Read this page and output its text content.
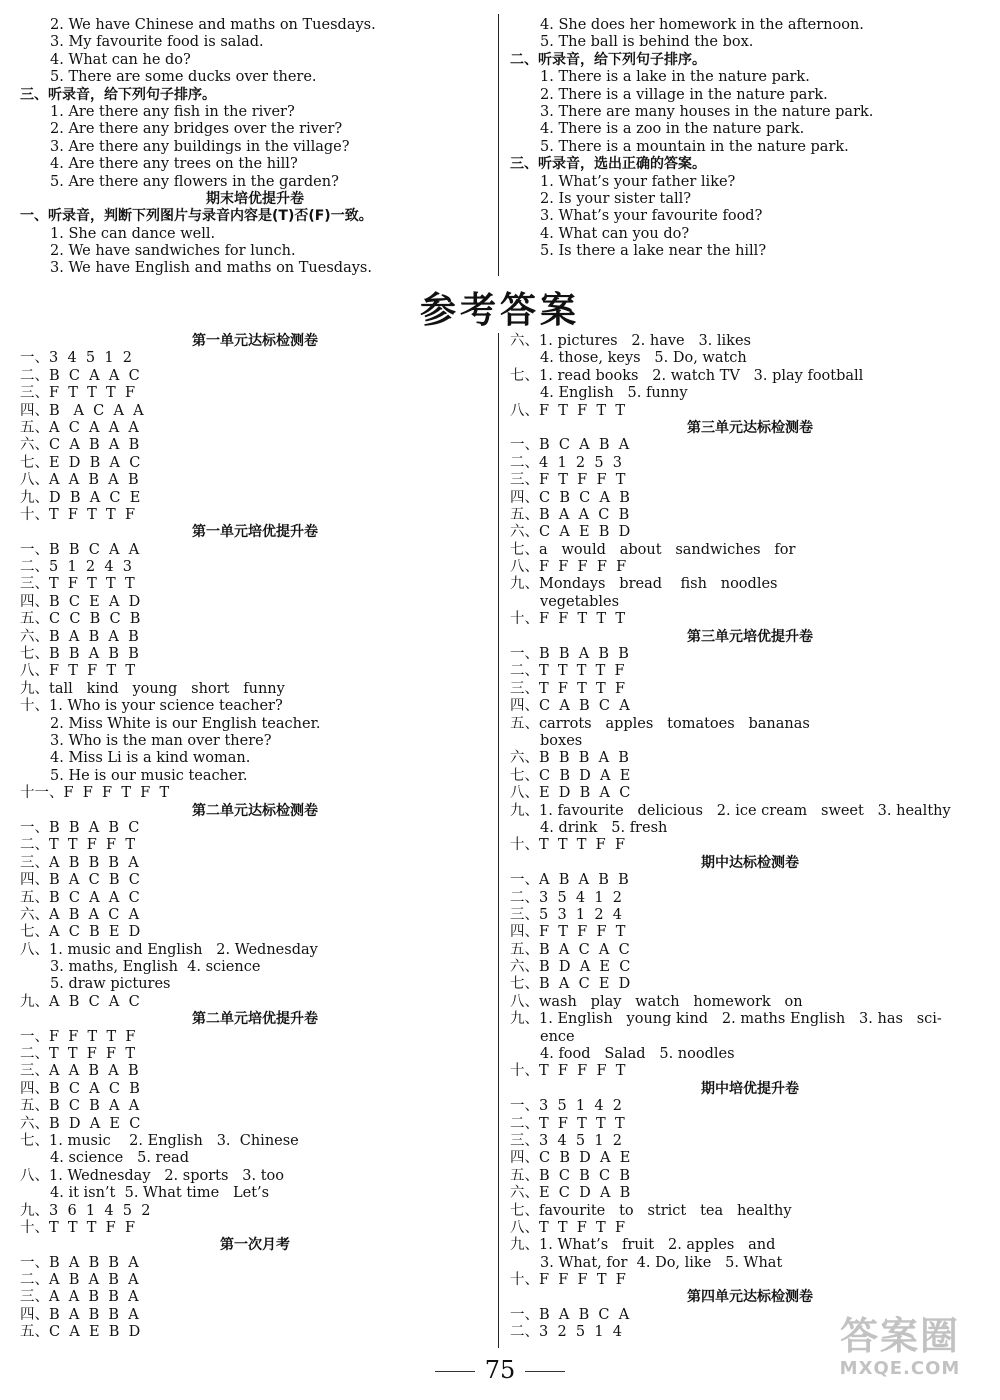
2. We have Chinese and maths on Tuesdays.
3. My favourite food is salad.
4. What can he do?
5. There are some ducks over there.
三、听录音，给下列句子排序。
1. Are there any fish in the river?
2. Are there any bridges over the river?
3. Are there any buildings in the village?
4. Are there any trees on the hill?
5. Are there any flowers in the garden?
期末培优提升卷
一、听录音，判断下列图片与录音内容是(T)否(F)一致。
1. She can dance well.
2. We have sandwiches for lunch.
3. We have English and maths on Tuesdays.
4. She does her homework in the afternoon.
5. The ball is behind the box.
二、听录音，给下列句子排序。
1. There is a lake in the nature park.
2. There is a village in the nature park.
3. There are many houses in the nature park.
4. There is a zoo in the nature park.
5. There is a mountain in the nature park.
三、听录音，选出正确的答案。
1. What’s your father like?
2. Is your sister tall?
3. What’s your favourite food?
4. What can you do?
5. Is there a lake near the hill?
参考答案
第一单元达标检测卷
一、3  4  5  1  2
二、B  C  A  A  C
三、F  T  T  T  F
四、B   A  C  A  A
五、A  C  A  A  A
六、C  A  B  A  B
七、E  D  B  A  C
八、A  A  B  A  B
九、D  B  A  C  E
十、T  F  T  T  F
第一单元培优提升卷
一、B  B  C  A  A
二、5  1  2  4  3
三、T  F  T  T  T
四、B  C  E  A  D
五、C  C  B  C  B
六、B  A  B  A  B
七、B  B  A  B  B
八、F  T  F  T  T
九、tall   kind   young   short   funny
十、1. Who is your science teacher?
2. Miss White is our English teacher.
3. Who is the man over there?
4. Miss Li is a kind woman.
5. He is our music teacher.
十一、F  F  F  T  F  T
第二单元达标检测卷
一、B  B  A  B  C
二、T  T  F  F  T
三、A  B  B  B  A
四、B  A  C  B  C
五、B  C  A  A  C
六、A  B  A  C  A
七、A  C  B  E  D
八、1. music and English   2. Wednesday
3. maths, English  4. science
5. draw pictures
九、A  B  C  A  C
第二单元培优提升卷
一、F  F  T  T  F
二、T  T  F  F  T
三、A  A  B  A  B
四、B  C  A  C  B
五、B  C  B  A  A
六、B  D  A  E  C
七、1. music    2. English   3.  Chinese
4. science   5. read
八、1. Wednesday   2. sports   3. too
4. it isn’t  5. What time   Let’s
九、3  6  1  4  5  2
十、T  T  T  F  F
第一次月考
一、B  A  B  B  A
二、A  B  A  B  A
三、A  A  B  B  A
四、B  A  B  B  A
五、C  A  E  B  D
六、1. pictures   2. have   3. likes
4. those, keys   5. Do, watch
七、1. read books   2. watch TV   3. play football
4. English   5. funny
八、F  T  F  T  T
第三单元达标检测卷
一、B  C  A  B  A
二、4  1  2  5  3
三、F  T  F  F  T
四、C  B  C  A  B
五、B  A  A  C  B
六、C  A  E  B  D
七、a   would   about   sandwiches   for
八、F  F  F  F  F
九、Mondays   bread    fish   noodles
vegetables
十、F  F  T  T  T
第三单元培优提升卷
一、B  B  A  B  B
二、T  T  T  T  F
三、T  F  T  T  F
四、C  A  B  C  A
五、carrots   apples   tomatoes   bananas
boxes
六、B  B  B  A  B
七、C  B  D  A  E
八、E  D  B  A  C
九、1. favourite   delicious   2. ice cream   sweet   3. healthy
4. drink   5. fresh
十、T  T  T  F  F
期中达标检测卷
一、A  B  A  B  B
二、3  5  4  1  2
三、5  3  1  2  4
四、F  T  F  F  T
五、B  A  C  A  C
六、B  D  A  E  C
七、B  A  C  E  D
八、wash   play   watch   homework   on
九、1. English   young kind   2. maths English   3. has   sci-
ence
4. food   Salad   5. noodles
十、T  F  F  F  T
期中培优提升卷
一、3  5  1  4  2
二、T  F  T  T  T
三、3  4  5  1  2
四、C  B  D  A  E
五、B  C  B  C  B
六、E  C  D  A  B
七、favourite   to   strict   tea   healthy
八、T  T  F  T  F
九、1. What’s   fruit   2. apples   and
3. What, for  4. Do, like   5. What
十、F  F  F  T  F
第四单元达标检测卷
一、B  A  B  C  A
二、3  2  5  1  4
75
答案圈
MXQE.COM
